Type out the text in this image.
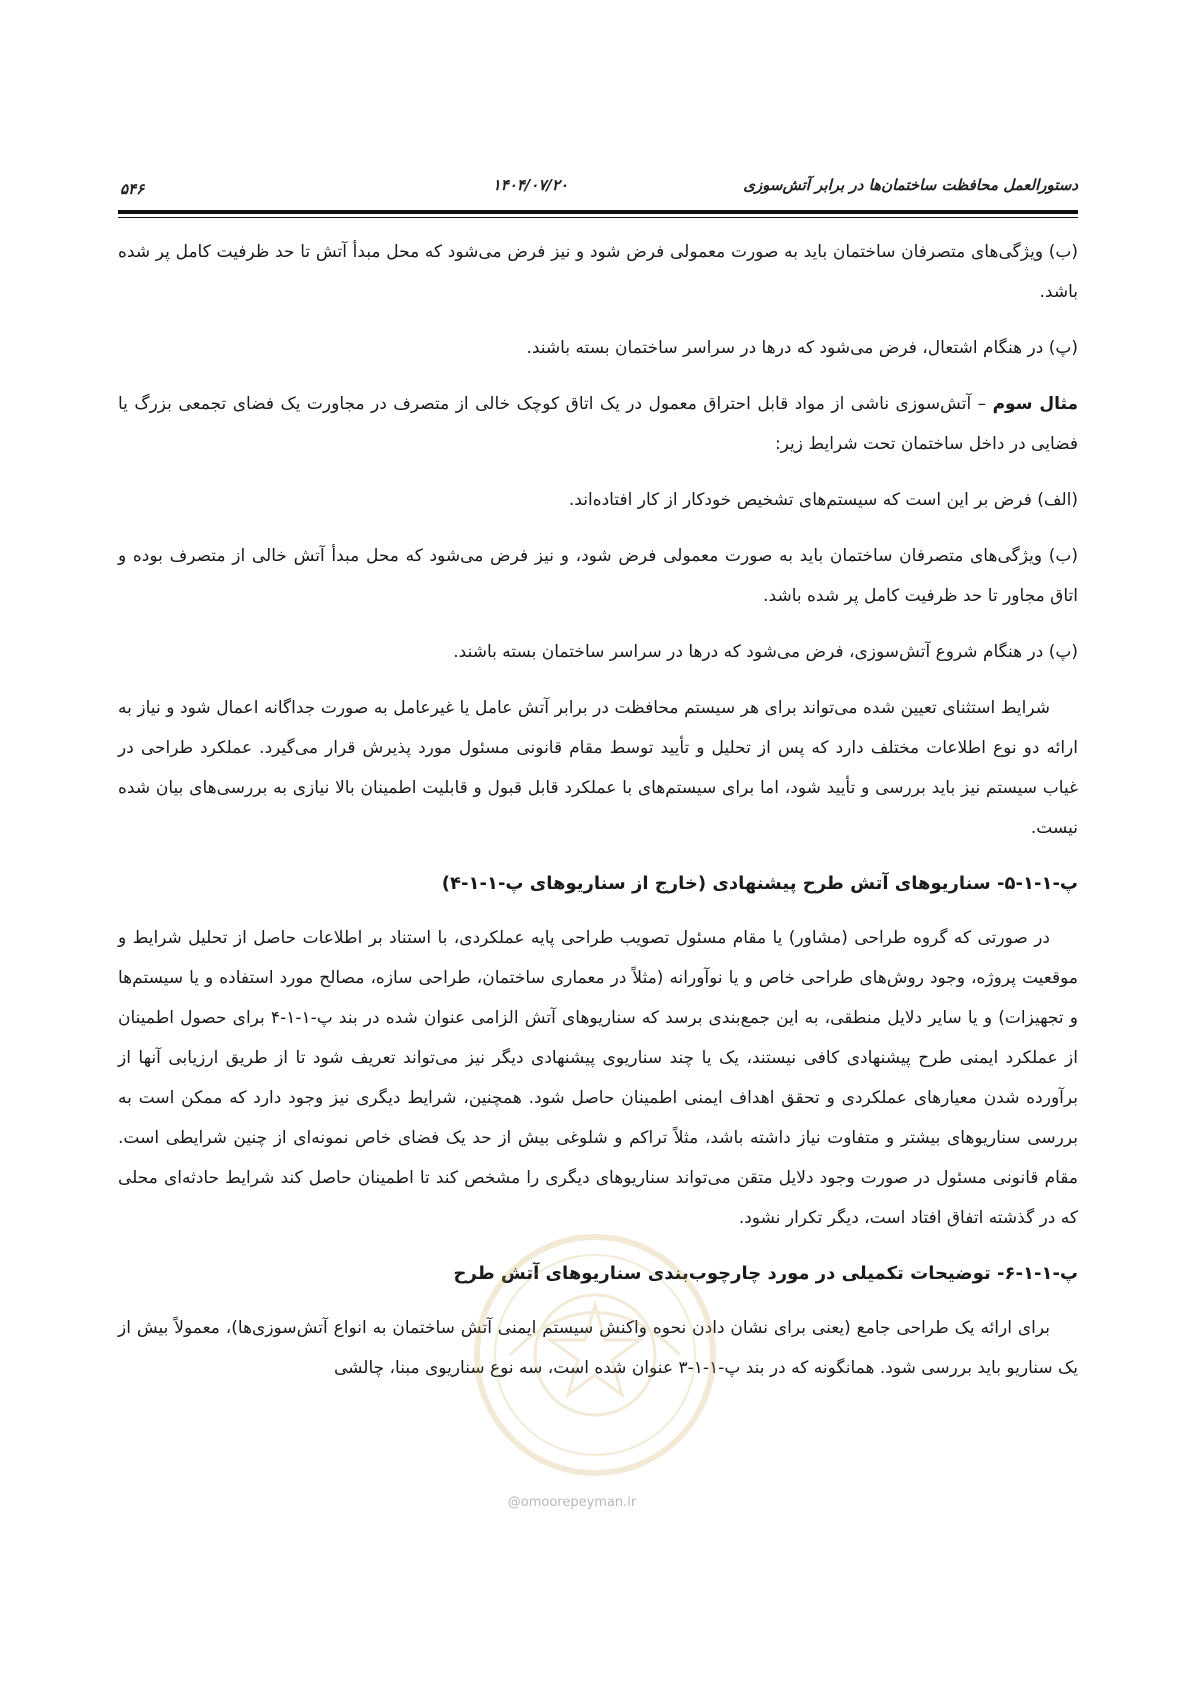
دستورالعمل محافظت ساختمان‌ها در برابر آتش‌سوزی
۱۴۰۴/۰۷/۲۰
۵۴۶

(ب) ویژگی‌های متصرفان ساختمان باید به صورت معمولی فرض شود و نیز فرض می‌شود که محل مبدأ آتش تا حد ظرفیت کامل پر شده باشد.

(پ) در هنگام اشتعال، فرض می‌شود که درها در سراسر ساختمان بسته باشند.

مثال سوم – آتش‌سوزی ناشی از مواد قابل احتراق معمول در یک اتاق کوچک خالی از متصرف در مجاورت یک فضای تجمعی بزرگ یا فضایی در داخل ساختمان تحت شرایط زیر:

(الف) فرض بر این است که سیستم‌های تشخیص خودکار از کار افتاده‌اند.

(ب) ویژگی‌های متصرفان ساختمان باید به صورت معمولی فرض شود، و نیز فرض می‌شود که محل مبدأ آتش خالی از متصرف بوده و اتاق مجاور تا حد ظرفیت کامل پر شده باشد.

(پ) در هنگام شروع آتش‌سوزی، فرض می‌شود که درها در سراسر ساختمان بسته باشند.

شرایط استثنای تعیین شده می‌تواند برای هر سیستم محافظت در برابر آتش عامل یا غیرعامل به صورت جداگانه اعمال شود و نیاز به ارائه دو نوع اطلاعات مختلف دارد که پس از تحلیل و تأیید توسط مقام قانونی مسئول مورد پذیرش قرار می‌گیرد. عملکرد طراحی در غیاب سیستم نیز باید بررسی و تأیید شود، اما برای سیستم‌های با عملکرد قابل قبول و قابلیت اطمینان بالا نیازی به بررسی‌های بیان شده نیست.

پ-۱-۱-۵- سناریوهای آتش طرح پیشنهادی (خارج از سناریوهای پ-۱-۱-۴)

در صورتی که گروه طراحی (مشاور) یا مقام مسئول تصویب طراحی پایه عملکردی، با استناد بر اطلاعات حاصل از تحلیل شرایط و موقعیت پروژه، وجود روش‌های طراحی خاص و یا نوآورانه (مثلاً در معماری ساختمان، طراحی سازه، مصالح مورد استفاده و یا سیستم‌ها و تجهیزات) و یا سایر دلایل منطقی، به این جمع‌بندی برسد که سناریوهای آتش الزامی عنوان شده در بند پ-۱-۱-۴ برای حصول اطمینان از عملکرد ایمنی طرح پیشنهادی کافی نیستند، یک یا چند سناریوی پیشنهادی دیگر نیز می‌تواند تعریف شود تا از طریق ارزیابی آنها از برآورده شدن معیارهای عملکردی و تحقق اهداف ایمنی اطمینان حاصل شود. همچنین، شرایط دیگری نیز وجود دارد که ممکن است به بررسی سناریوهای بیشتر و متفاوت نیاز داشته باشد، مثلاً تراکم و شلوغی بیش از حد یک فضای خاص نمونه‌ای از چنین شرایطی است. مقام قانونی مسئول در صورت وجود دلایل متقن می‌تواند سناریوهای دیگری را مشخص کند تا اطمینان حاصل کند شرایط حادثه‌ای محلی که در گذشته اتفاق افتاد است، دیگر تکرار نشود.

پ-۱-۱-۶- توضیحات تکمیلی در مورد چارچوب‌بندی سناریوهای آتش طرح

برای ارائه یک طراحی جامع (یعنی برای نشان دادن نحوه واکنش سیستم ایمنی آتش ساختمان به انواع آتش‌سوزی‌ها)، معمولاً بیش از یک سناریو باید بررسی شود. همانگونه که در بند پ-۱-۱-۳ عنوان شده است، سه نوع سناریوی مبنا، چالشی

@omoorepeyman.ir
